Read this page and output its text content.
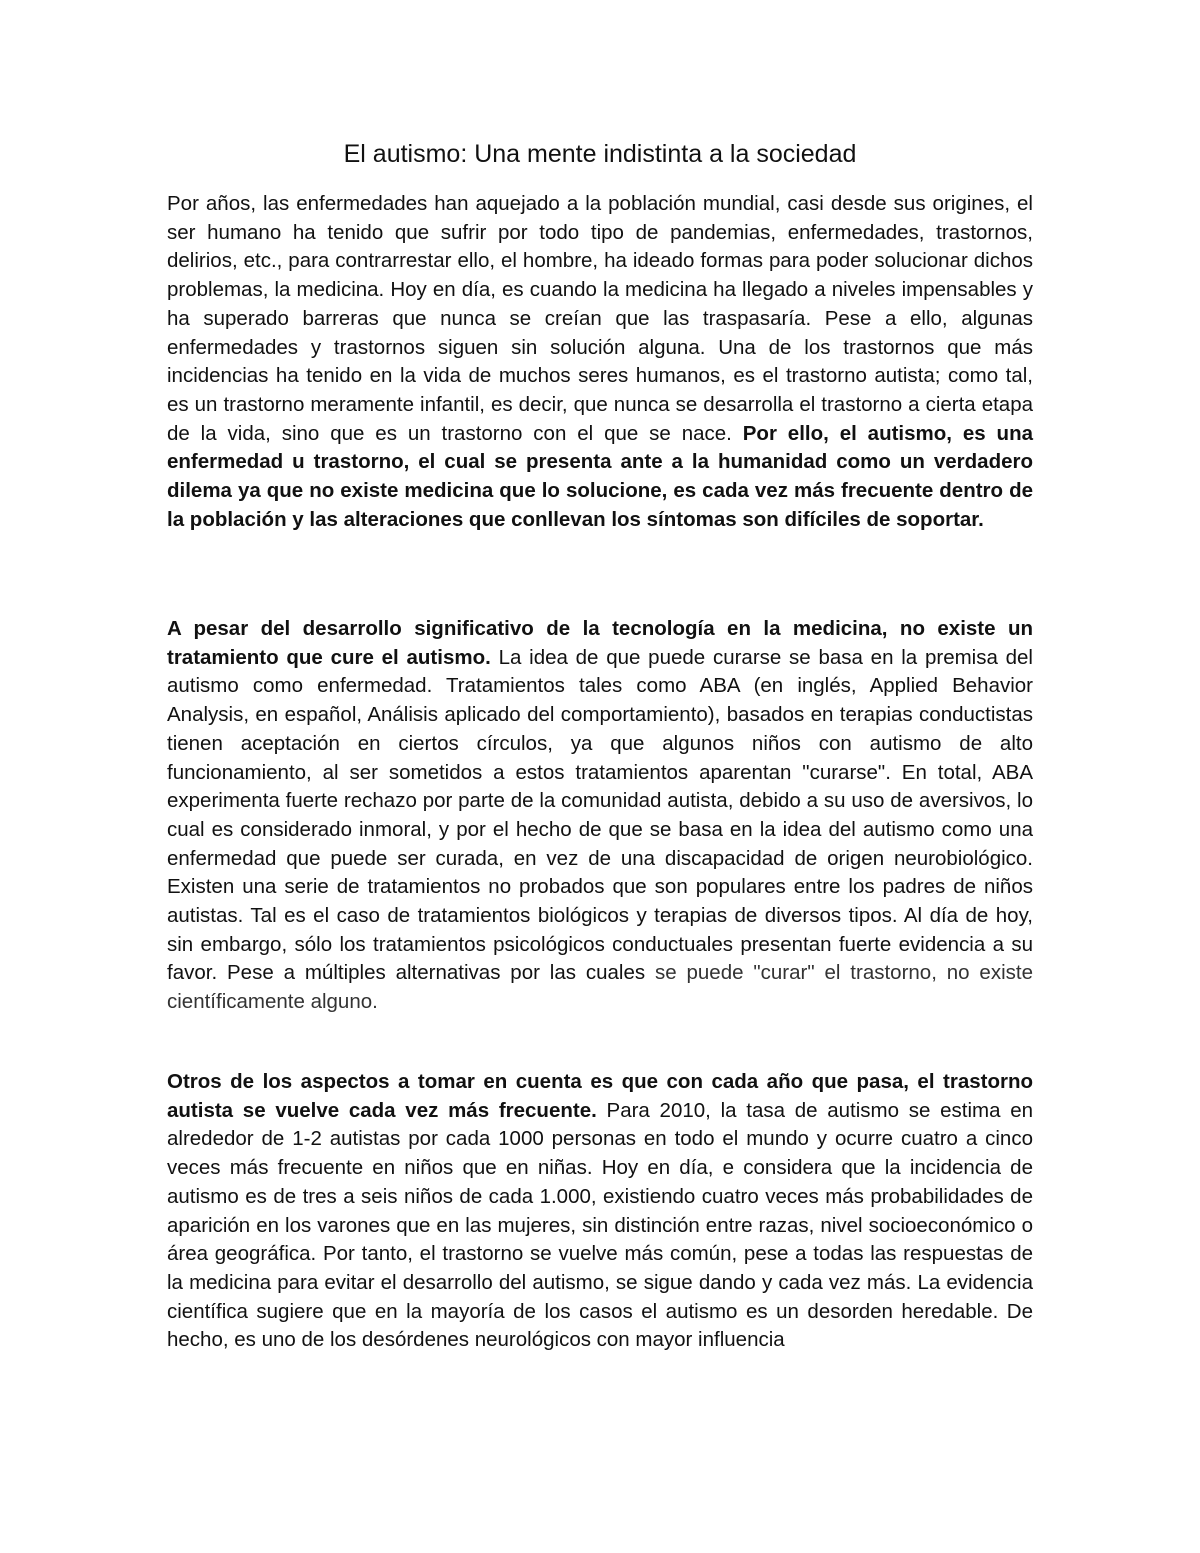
El autismo: Una mente indistinta a la sociedad

Por años, las enfermedades han aquejado a la población mundial, casi desde sus origines, el ser humano ha tenido que sufrir por todo tipo de pandemias, enfermedades, trastornos, delirios, etc., para contrarrestar ello, el hombre, ha ideado formas para poder solucionar dichos problemas, la medicina. Hoy en día, es cuando la medicina ha llegado a niveles impensables y ha superado barreras que nunca se creían que las traspasaría. Pese a ello, algunas enfermedades y trastornos siguen sin solución alguna. Una de los trastornos que más incidencias ha tenido en la vida de muchos seres humanos, es el trastorno autista; como tal, es un trastorno meramente infantil, es decir, que nunca se desarrolla el trastorno a cierta etapa de la vida, sino que es un trastorno con el que se nace. Por ello, el autismo, es una enfermedad u trastorno, el cual se presenta ante a la humanidad como un verdadero dilema ya que no existe medicina que lo solucione, es cada vez más frecuente dentro de la población y las alteraciones que conllevan los síntomas son difíciles de soportar.

A pesar del desarrollo significativo de la tecnología en la medicina, no existe un tratamiento que cure el autismo. La idea de que puede curarse se basa en la premisa del autismo como enfermedad. Tratamientos tales como ABA (en inglés, Applied Behavior Analysis, en español, Análisis aplicado del comportamiento), basados en terapias conductistas tienen aceptación en ciertos círculos, ya que algunos niños con autismo de alto funcionamiento, al ser sometidos a estos tratamientos aparentan "curarse". En total, ABA experimenta fuerte rechazo por parte de la comunidad autista, debido a su uso de aversivos, lo cual es considerado inmoral, y por el hecho de que se basa en la idea del autismo como una enfermedad que puede ser curada, en vez de una discapacidad de origen neurobiológico. Existen una serie de tratamientos no probados que son populares entre los padres de niños autistas. Tal es el caso de tratamientos biológicos y terapias de diversos tipos. Al día de hoy, sin embargo, sólo los tratamientos psicológicos conductuales presentan fuerte evidencia a su favor. Pese a múltiples alternativas por las cuales se puede "curar" el trastorno, no existe científicamente alguno.

Otros de los aspectos a tomar en cuenta es que con cada año que pasa, el trastorno autista se vuelve cada vez más frecuente. Para 2010, la tasa de autismo se estima en alrededor de 1-2 autistas por cada 1000 personas en todo el mundo y ocurre cuatro a cinco veces más frecuente en niños que en niñas. Hoy en día, e considera que la incidencia de autismo es de tres a seis niños de cada 1.000, existiendo cuatro veces más probabilidades de aparición en los varones que en las mujeres, sin distinción entre razas, nivel socioeconómico o área geográfica. Por tanto, el trastorno se vuelve más común, pese a todas las respuestas de la medicina para evitar el desarrollo del autismo, se sigue dando y cada vez más. La evidencia científica sugiere que en la mayoría de los casos el autismo es un desorden heredable. De hecho, es uno de los desórdenes neurológicos con mayor influencia
